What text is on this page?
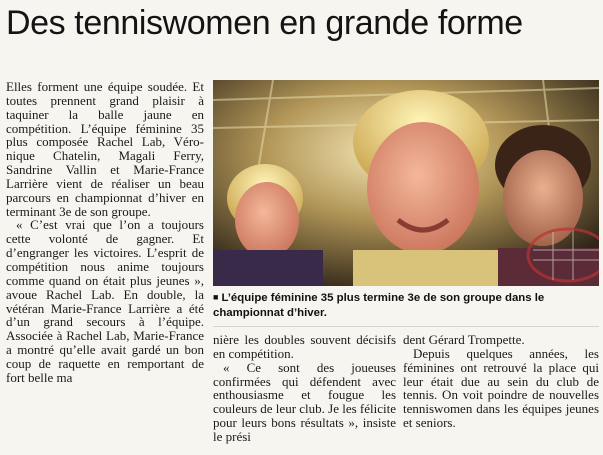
Des tenniswomen en grande forme

Elles forment une équipe soudée. Et toutes prennent grand plaisir à taquiner la balle jaune en compétition. L’équipe féminine 35 plus composée Rachel Lab, Véronique Chatelin, Magali Ferry, Sandrine Vallin et Marie-France Larrière vient de réaliser un beau parcours en championnat d’hiver en terminant 3e de son groupe.

« C’est vrai que l’on a toujours cette volonté de gagner. Et d’engranger les victoires. L’esprit de compétition nous anime toujours comme quand on était plus jeunes », avoue Rachel Lab. En double, la vétéran Marie-France Larrière a été d’un grand secours à l’équipe. Associée à Rachel Lab, Marie-France a montré qu’elle avait gardé un bon coup de raquette en remportant de fort belle ma

■ L’équipe féminine 35 plus termine 3e de son groupe dans le championnat d’hiver.

nière les doubles souvent décisifs en compétition.

« Ce sont des joueuses confirmées qui défendent avec enthousiasme et fougue les couleurs de leur club. Je les félicite pour leurs bons résultats », insiste le prési

dent Gérard Trompette.

Depuis quelques années, les féminines ont retrouvé la place qui leur était due au sein du club de tennis. On voit poindre de nouvelles tenniswomen dans les équipes jeunes et seniors.
